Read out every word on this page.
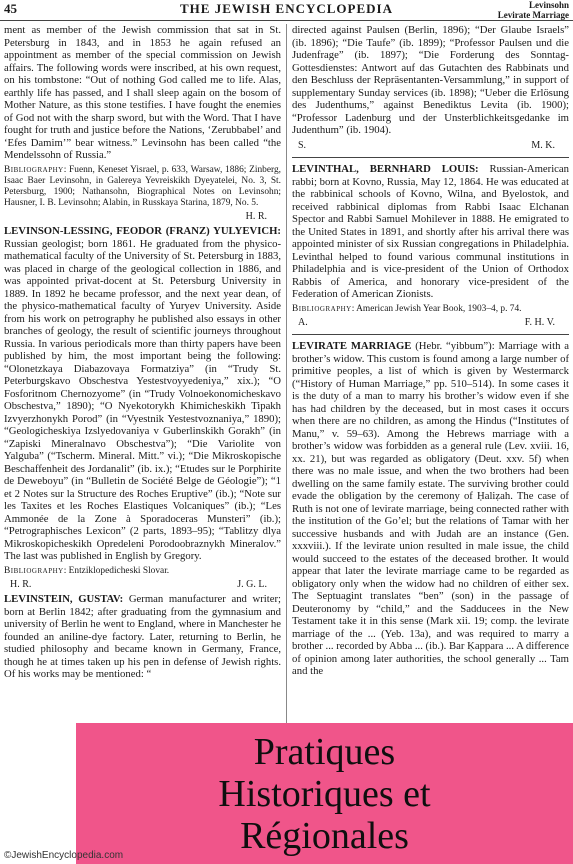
45	THE JEWISH ENCYCLOPEDIA	Levinsohn
Levirate Marriage

ment as member of the Jewish commission that sat in St. Petersburg in 1843, and in 1853 he again refused an appointment as member of the special commission on Jewish affairs. The following words were inscribed, at his own request, on his tombstone: “Out of nothing God called me to life. Alas, earthly life has passed, and I shall sleep again on the bosom of Mother Nature, as this stone testifies. I have fought the enemies of God not with the sharp sword, but with the Word. That I have fought for truth and justice before the Nations, ‘Zerubbabel’ and ‘Efes Damim’” bear witness.” Levinsohn has been called “the Mendelssohn of Russia.”

Bibliography: Fuenn, Keneset Yisrael, p. 633, Warsaw, 1886; Zinberg, Isaac Baer Levinsohn, in Galereya Yevreiskikh Dyeyatelei, No. 3, St. Petersburg, 1900; Nathansohn, Biographical Notes on Levinsohn; Hausner, I. B. Levinsohn; Alabin, in Russkaya Starina, 1879, No. 5.
H. R.

LEVINSON-LESSING, FEODOR (FRANZ) YULYEVICH: Russian geologist; born 1861. He graduated from the physico-mathematical faculty of the University of St. Petersburg in 1883, was placed in charge of the geological collection in 1886, and was appointed privat-docent at St. Petersburg University in 1889. In 1892 he became professor, and the next year dean, of the physico-mathematical faculty of Yuryev University. Aside from his work on petrography he published also essays in other branches of geology, the result of scientific journeys throughout Russia. In various periodicals more than thirty papers have been published by him, the most important being the following: “Olonetzkaya Diabazovaya Formatziya” (in “Trudy St. Peterburgskavo Obschestva Yestestvoyyedeniya,” xix.); “O Fosforitnom Chernozyome” (in “Trudy Volnoekonomicheskavo Obschestva,” 1890); “O Nyekotorykh Khimicheskikh Tipakh Izvyerzhonykh Porod” (in “Vyestnik Yestestvoznaniya,” 1890); “Geologicheskiya Izslyedovaniya v Guberlinskikh Gorakh” (in “Zapiski Mineralnavo Obschestva”); “Die Variolite von Yalguba” (“Tscherm. Mineral. Mitt.” vi.); “Die Mikroskopische Beschaffenheit des Jordanalit” (ib. ix.); “Etudes sur le Porphirite de Deweboyu” (in “Bulletin de Société Belge de Géologie”); “1 et 2 Notes sur la Structure des Roches Eruptive” (ib.); “Note sur les Taxites et les Roches Elastiques Volcaniques” (ib.); “Les Ammonée de la Zone à Sporadoceras Munsteri” (ib.); “Petrographisches Lexicon” (2 parts, 1893–95); “Tablitzy dlya Mikroskopicheskikh Opredeleni Porodoobraznykh Mineralov.” The last was published in English by Gregory.

Bibliography: Entziklopedicheski Slovar.
H. R.	J. G. L.

LEVINSTEIN, GUSTAV: German manufacturer and writer; born at Berlin 1842; after graduating from the gymnasium and university of Berlin he went to England, where in Manchester he founded an aniline-dye factory. Later, returning to Berlin, he studied philosophy and became known in Germany, France, though he at times taken up his pen in defense of Jewish rights. Of his works may be mentioned: “

directed against Paulsen (Berlin, 1896); “Der Glaube Israels” (ib. 1896); “Die Taufe” (ib. 1899); “Professor Paulsen und die Judenfrage” (ib. 1897); “Die Forderung des Sonntag-Gottesdienstes: Antwort auf das Gutachten des Rabbinats und den Beschluss der Repräsentanten-Versammlung,” in support of supplementary Sunday services (ib. 1898); “Ueber die Erlösung des Judenthums,” against Benediktus Levita (ib. 1900); “Professor Ladenburg und der Unsterblichkeitsgedanke im Judenthum” (ib. 1904).

S.	M. K.

LEVINTHAL, BERNHARD LOUIS: Russian-American rabbi; born at Kovno, Russia, May 12, 1864. He was educated at the rabbinical schools of Kovno, Wilna, and Byelostok, and received rabbinical diplomas from Rabbi Isaac Elchanan Spector and Rabbi Samuel Mohilever in 1888. He emigrated to the United States in 1891, and shortly after his arrival there was appointed minister of six Russian congregations in Philadelphia. Levinthal helped to found various communal institutions in Philadelphia and is vice-president of the Union of Orthodox Rabbis of America, and honorary vice-president of the Federation of American Zionists.

Bibliography: American Jewish Year Book, 1903–4, p. 74.
A.	F. H. V.

LEVIRATE MARRIAGE (Hebr. “yibbum”): Marriage with a brother’s widow. This custom is found among a large number of primitive peoples, a list of which is given by Westermarck (“History of Human Marriage,” pp. 510–514). In some cases it is the duty of a man to marry his brother’s widow even if she has had children by the deceased, but in most cases it occurs when there are no children, as among the Hindus (“Institutes of Manu,” v. 59–63). Among the Hebrews marriage with a brother’s widow was forbidden as a general rule (Lev. xviii. 16, xx. 21), but was regarded as obligatory (Deut. xxv. 5f) when there was no male issue, and when the two brothers had been dwelling on the same family estate. The surviving brother could evade the obligation by the ceremony of Ḥaliẓah. The case of Ruth is not one of levirate marriage, being connected rather with the institution of the Go’el; but the relations of Tamar with her successive husbands and with Judah are an instance (Gen. xxxviii.). If the levirate union resulted in male issue, the child would succeed to the estates of the deceased brother. It would appear that later the levirate marriage came to be regarded as obligatory only when the widow had no children of either sex. The Septuagint translates “ben” (son) in the passage of Deuteronomy by “child,” and the Sadducees in the New Testament take it in this sense (Mark xii. 19; comp. the levirate marriage of the ... (Yeb. 13a), and was required to marry a brother ... recorded by Abba ... (ib.). Bar Ḳappara ... A difference of opinion among later authorities, the school generally ... Tam and the

Pratiques
Historiques et
Régionales
©JewishEncyclopedia.com
